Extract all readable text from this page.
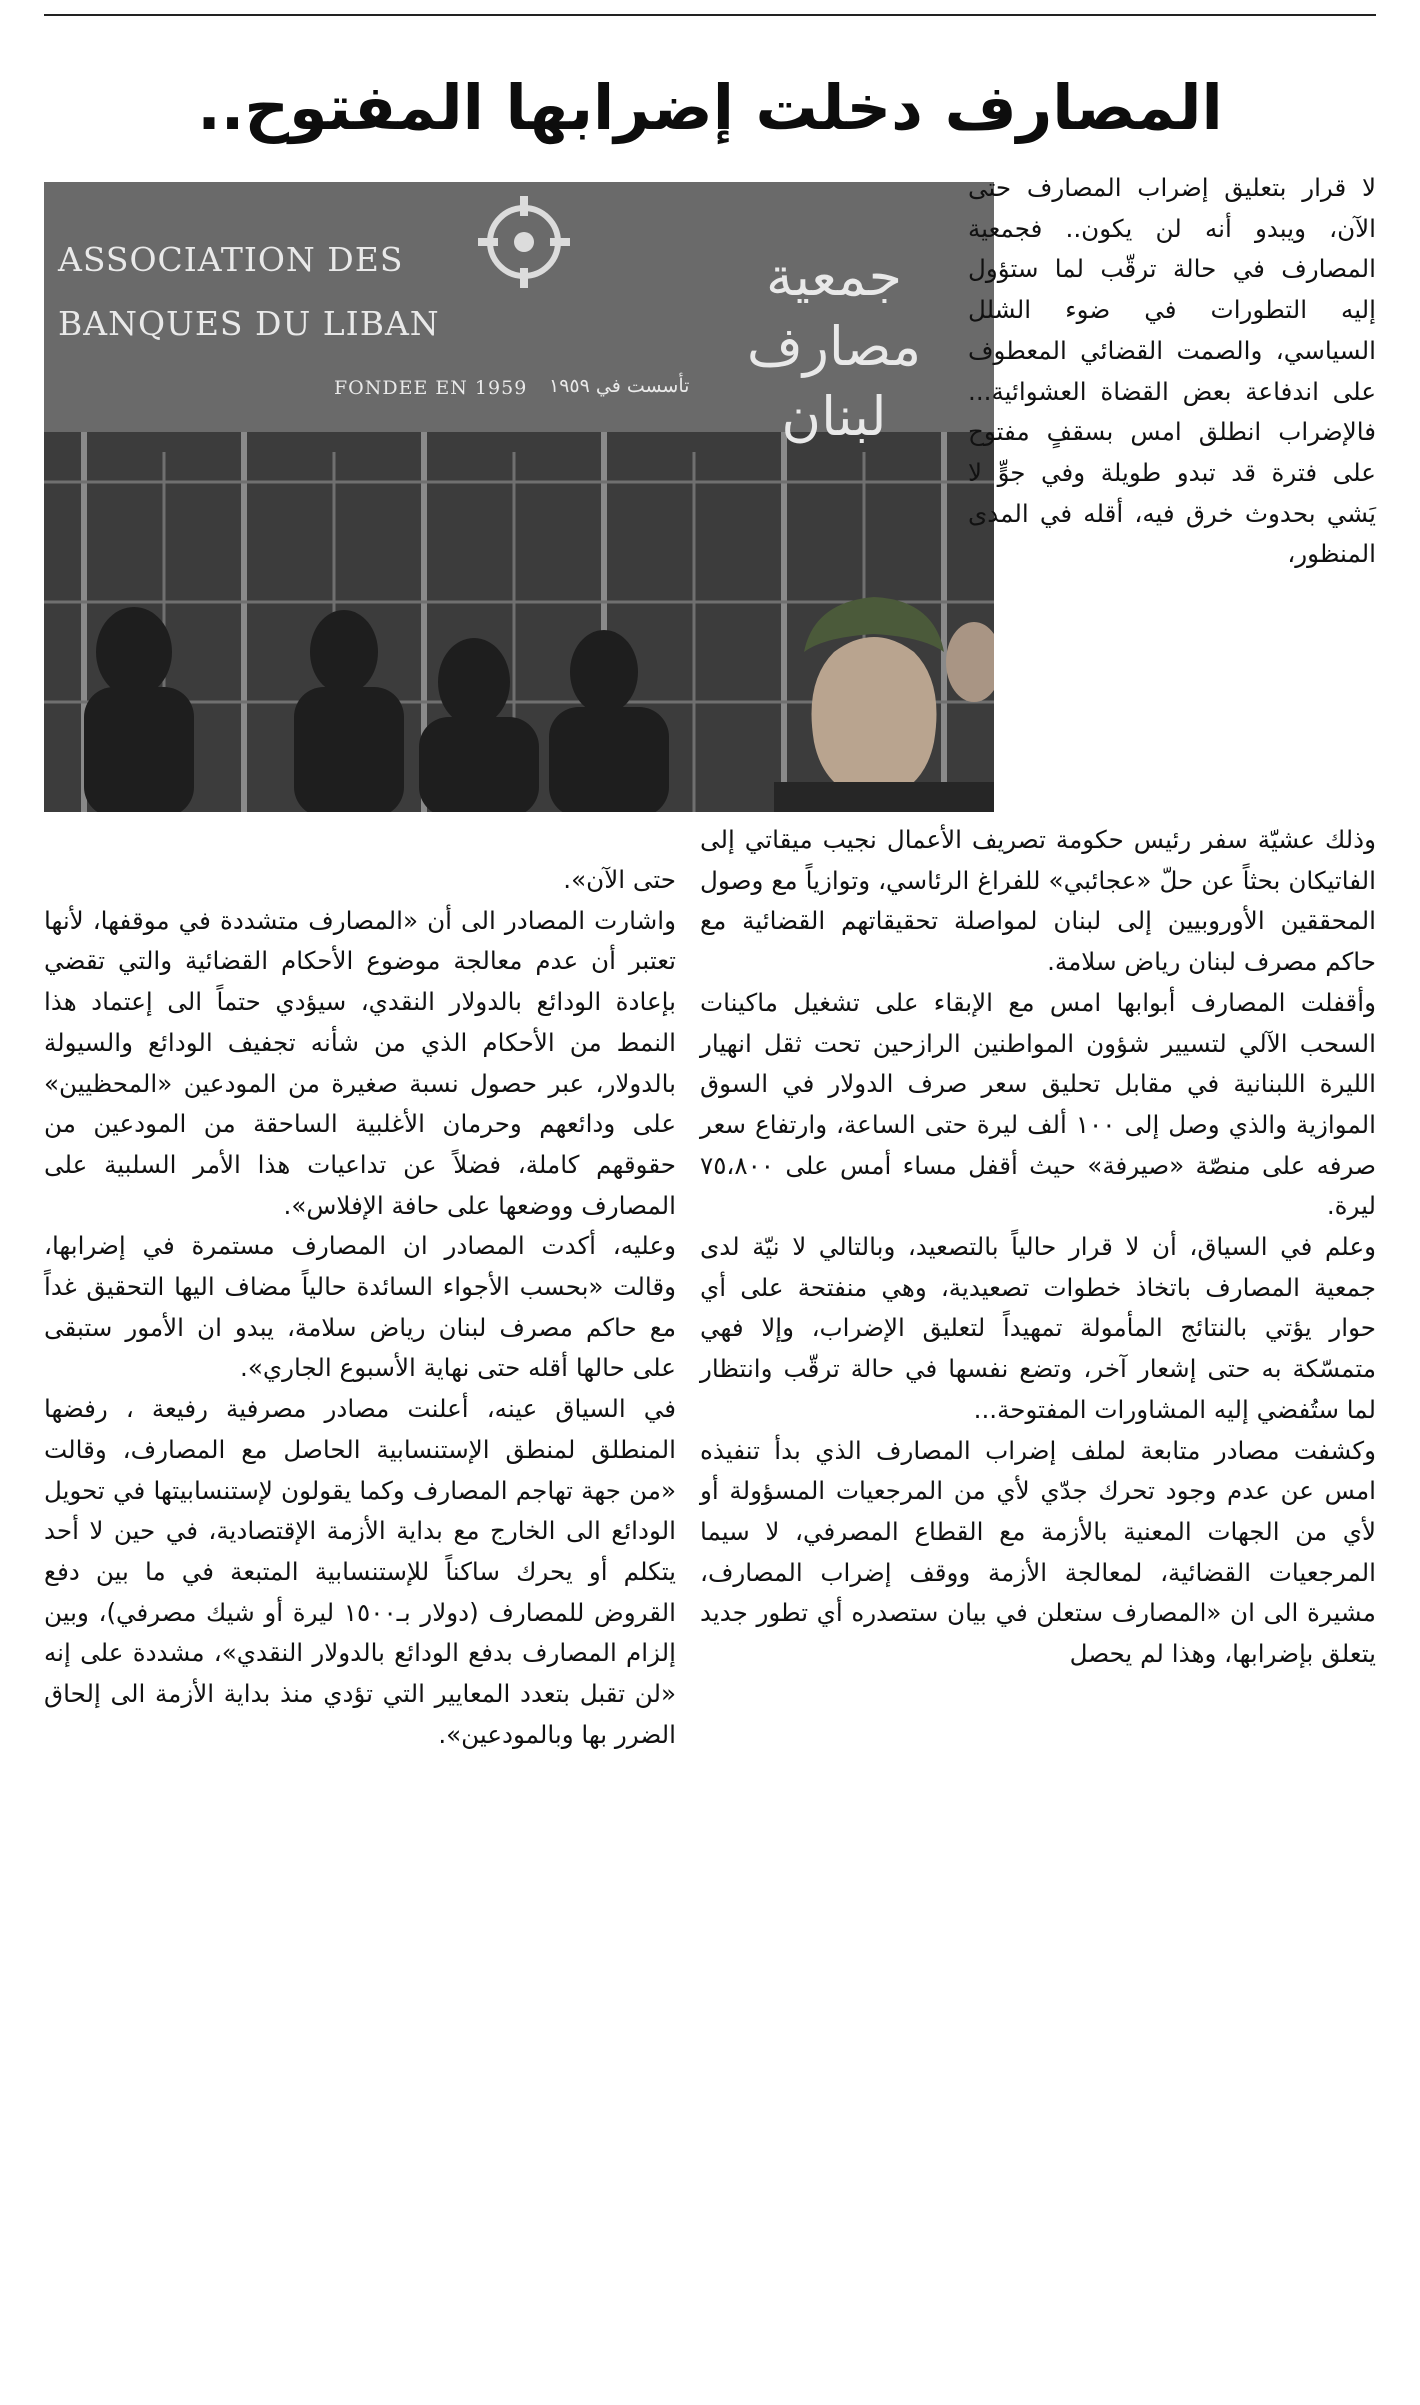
المصارف دخلت إضرابها المفتوح..
ASSOCIATION DES
BANQUES DU LIBAN
FONDEE EN 1959 تأسست في ١٩٥٩
جمعية مصارف لبنان

لا قرار بتعليق إضراب المصارف حتى الآن، ويبدو أنه لن يكون.. فجمعية المصارف في حالة ترقّب لما ستؤول إليه التطورات في ضوء الشلل السياسي، والصمت القضائي المعطوف على اندفاعة بعض القضاة العشوائية... فالإضراب انطلق امس بسقفٍ مفتوح على فترة قد تبدو طويلة وفي جوٍّ لا يَشي بحدوث خرق فيه، أقله في المدى المنظور،

وذلك عشيّة سفر رئيس حكومة تصريف الأعمال نجيب ميقاتي إلى الفاتيكان بحثاً عن حلّ «عجائبي» للفراغ الرئاسي، وتوازياً مع وصول المحققين الأوروبيين إلى لبنان لمواصلة تحقيقاتهم القضائية مع حاكم مصرف لبنان رياض سلامة.

وأقفلت المصارف أبوابها امس مع الإبقاء على تشغيل ماكينات السحب الآلي لتسيير شؤون المواطنين الرازحين تحت ثقل انهيار الليرة اللبنانية في مقابل تحليق سعر صرف الدولار في السوق الموازية والذي وصل إلى ١٠٠ ألف ليرة حتى الساعة، وارتفاع سعر صرفه على منصّة «صيرفة» حيث أقفل مساء أمس على ٧٥،٨٠٠ ليرة.

وعلم في السياق، أن لا قرار حالياً بالتصعيد، وبالتالي لا نيّة لدى جمعية المصارف باتخاذ خطوات تصعيدية، وهي منفتحة على أي حوار يؤتي بالنتائج المأمولة تمهيداً لتعليق الإضراب، وإلا فهي متمسّكة به حتى إشعار آخر، وتضع نفسها في حالة ترقّب وانتظار لما ستُفضي إليه المشاورات المفتوحة...

وكشفت مصادر متابعة لملف إضراب المصارف الذي بدأ تنفيذه امس عن عدم وجود تحرك جدّي لأي من المرجعيات المسؤولة أو لأي من الجهات المعنية بالأزمة مع القطاع المصرفي، لا سيما المرجعيات القضائية، لمعالجة الأزمة ووقف إضراب المصارف، مشيرة الى ان «المصارف ستعلن في بيان ستصدره أي تطور جديد يتعلق بإضرابها، وهذا لم يحصل

حتى الآن».

واشارت المصادر الى أن «المصارف متشددة في موقفها، لأنها تعتبر أن عدم معالجة موضوع الأحكام القضائية والتي تقضي بإعادة الودائع بالدولار النقدي، سيؤدي حتماً الى إعتماد هذا النمط من الأحكام الذي من شأنه تجفيف الودائع والسيولة بالدولار، عبر حصول نسبة صغيرة من المودعين «المحظيين» على ودائعهم وحرمان الأغلبية الساحقة من المودعين من حقوقهم كاملة، فضلاً عن تداعيات هذا الأمر السلبية على المصارف ووضعها على حافة الإفلاس».

وعليه، أكدت المصادر ان المصارف مستمرة في إضرابها، وقالت «بحسب الأجواء السائدة حالياً مضاف اليها التحقيق غداً مع حاكم مصرف لبنان رياض سلامة، يبدو ان الأمور ستبقى على حالها أقله حتى نهاية الأسبوع الجاري».

في السياق عينه، أعلنت مصادر مصرفية رفيعة ، رفضها المنطلق لمنطق الإستنسابية الحاصل مع المصارف، وقالت «من جهة تهاجم المصارف وكما يقولون لإستنسابيتها في تحويل الودائع الى الخارج مع بداية الأزمة الإقتصادية، في حين لا أحد يتكلم أو يحرك ساكناً للإستنسابية المتبعة في ما بين دفع القروض للمصارف (دولار بـ١٥٠٠ ليرة أو شيك مصرفي)، وبين إلزام المصارف بدفع الودائع بالدولار النقدي»، مشددة على إنه «لن تقبل بتعدد المعايير التي تؤدي منذ بداية الأزمة الى إلحاق الضرر بها وبالمودعين».
